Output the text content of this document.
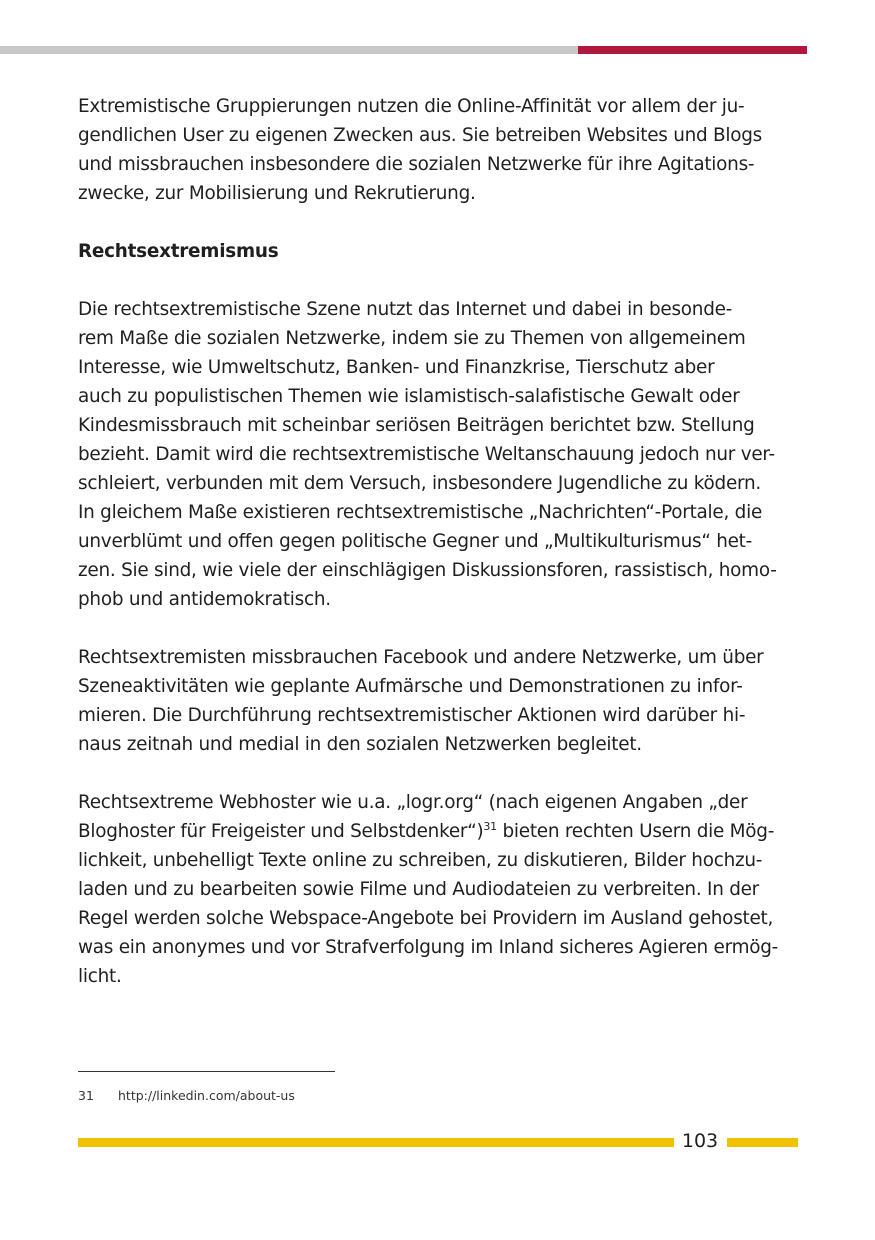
Extremistische Gruppierungen nutzen die Online-Affinität vor allem der ju-
gendlichen User zu eigenen Zwecken aus. Sie betreiben Websites und Blogs
und missbrauchen insbesondere die sozialen Netzwerke für ihre Agitations-
zwecke, zur Mobilisierung und Rekrutierung.

Rechtsextremismus

Die rechtsextremistische Szene nutzt das Internet und dabei in besonde-
rem Maße die sozialen Netzwerke, indem sie zu Themen von allgemeinem
Interesse, wie Umweltschutz, Banken- und Finanzkrise, Tierschutz aber
auch zu populistischen Themen wie islamistisch-salafistische Gewalt oder
Kindesmissbrauch mit scheinbar seriösen Beiträgen berichtet bzw. Stellung
bezieht. Damit wird die rechtsextremistische Weltanschauung jedoch nur ver-
schleiert, verbunden mit dem Versuch, insbesondere Jugendliche zu ködern.
In gleichem Maße existieren rechtsextremistische „Nachrichten“-Portale, die
unverblümt und offen gegen politische Gegner und „Multikulturismus“ het-
zen. Sie sind, wie viele der einschlägigen Diskussionsforen, rassistisch, homo-
phob und antidemokratisch.

Rechtsextremisten missbrauchen Facebook und andere Netzwerke, um über
Szeneaktivitäten wie geplante Aufmärsche und Demonstrationen zu infor-
mieren. Die Durchführung rechtsextremistischer Aktionen wird darüber hi-
naus zeitnah und medial in den sozialen Netzwerken begleitet.

Rechtsextreme Webhoster wie u.a. „logr.org“ (nach eigenen Angaben „der
Bloghoster für Freigeister und Selbstdenker“)$^{31}$ bieten rechten Usern die Mög-
lichkeit, unbehelligt Texte online zu schreiben, zu diskutieren, Bilder hochzu-
laden und zu bearbeiten sowie Filme und Audiodateien zu verbreiten. In der
Regel werden solche Webspace-Angebote bei Providern im Ausland gehostet,
was ein anonymes und vor Strafverfolgung im Inland sicheres Agieren ermög-
licht.

31 http://linkedin.com/about-us
103
